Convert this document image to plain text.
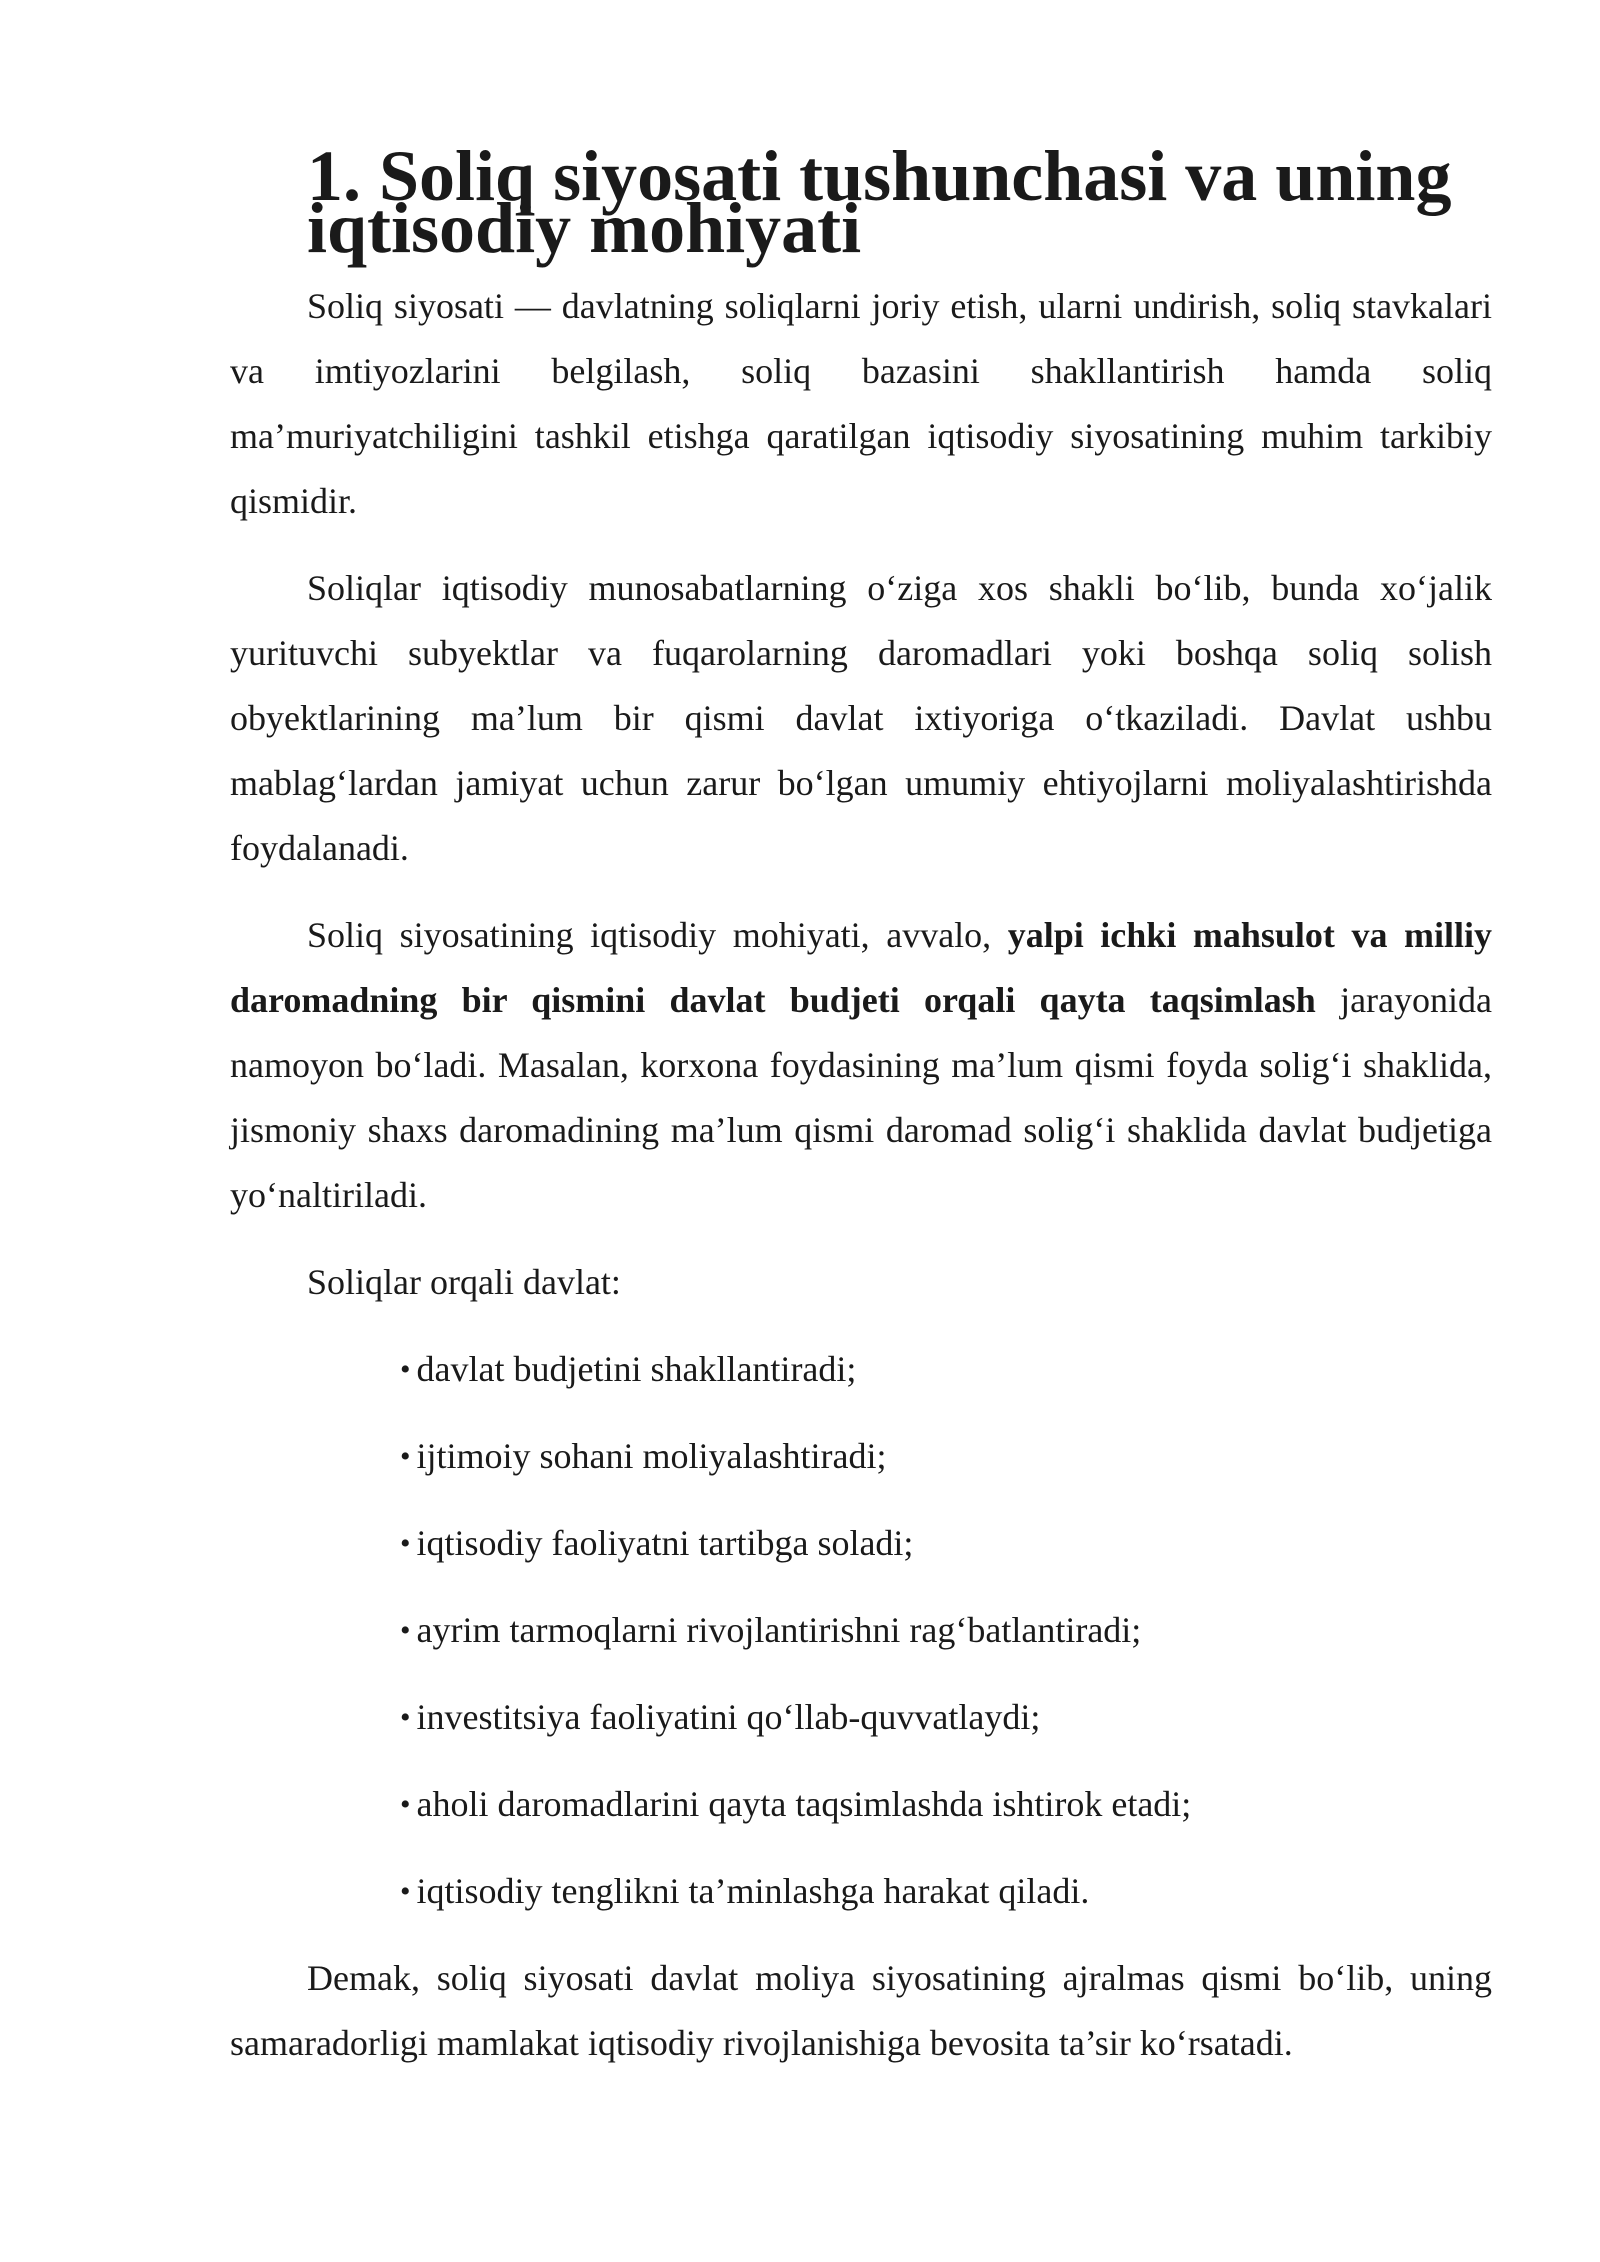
1. Soliq siyosati tushunchasi va uning iqtisodiy mohiyati

Soliq siyosati — davlatning soliqlarni joriy etish, ularni undirish, soliq stavkalari va imtiyozlarini belgilash, soliq bazasini shakllantirish hamda soliq ma’muriyatchiligini tashkil etishga qaratilgan iqtisodiy siyosatining muhim tarkibiy qismidir.

Soliqlar iqtisodiy munosabatlarning o‘ziga xos shakli bo‘lib, bunda xo‘jalik yurituvchi subyektlar va fuqarolarning daromadlari yoki boshqa soliq solish obyektlarining ma’lum bir qismi davlat ixtiyoriga o‘tkaziladi. Davlat ushbu mablag‘lardan jamiyat uchun zarur bo‘lgan umumiy ehtiyojlarni moliyalashtirishda foydalanadi.

Soliq siyosatining iqtisodiy mohiyati, avvalo, yalpi ichki mahsulot va milliy daromadning bir qismini davlat budjeti orqali qayta taqsimlash jarayonida namoyon bo‘ladi. Masalan, korxona foydasining ma’lum qismi foyda solig‘i shaklida, jismoniy shaxs daromadining ma’lum qismi daromad solig‘i shaklida davlat budjetiga yo‘naltiriladi.

Soliqlar orqali davlat:

• davlat budjetini shakllantiradi;
• ijtimoiy sohani moliyalashtiradi;
• iqtisodiy faoliyatni tartibga soladi;
• ayrim tarmoqlarni rivojlantirishni rag‘batlantiradi;
• investitsiya faoliyatini qo‘llab-quvvatlaydi;
• aholi daromadlarini qayta taqsimlashda ishtirok etadi;
• iqtisodiy tenglikni ta’minlashga harakat qiladi.

Demak, soliq siyosati davlat moliya siyosatining ajralmas qismi bo‘lib, uning samaradorligi mamlakat iqtisodiy rivojlanishiga bevosita ta’sir ko‘rsatadi.
